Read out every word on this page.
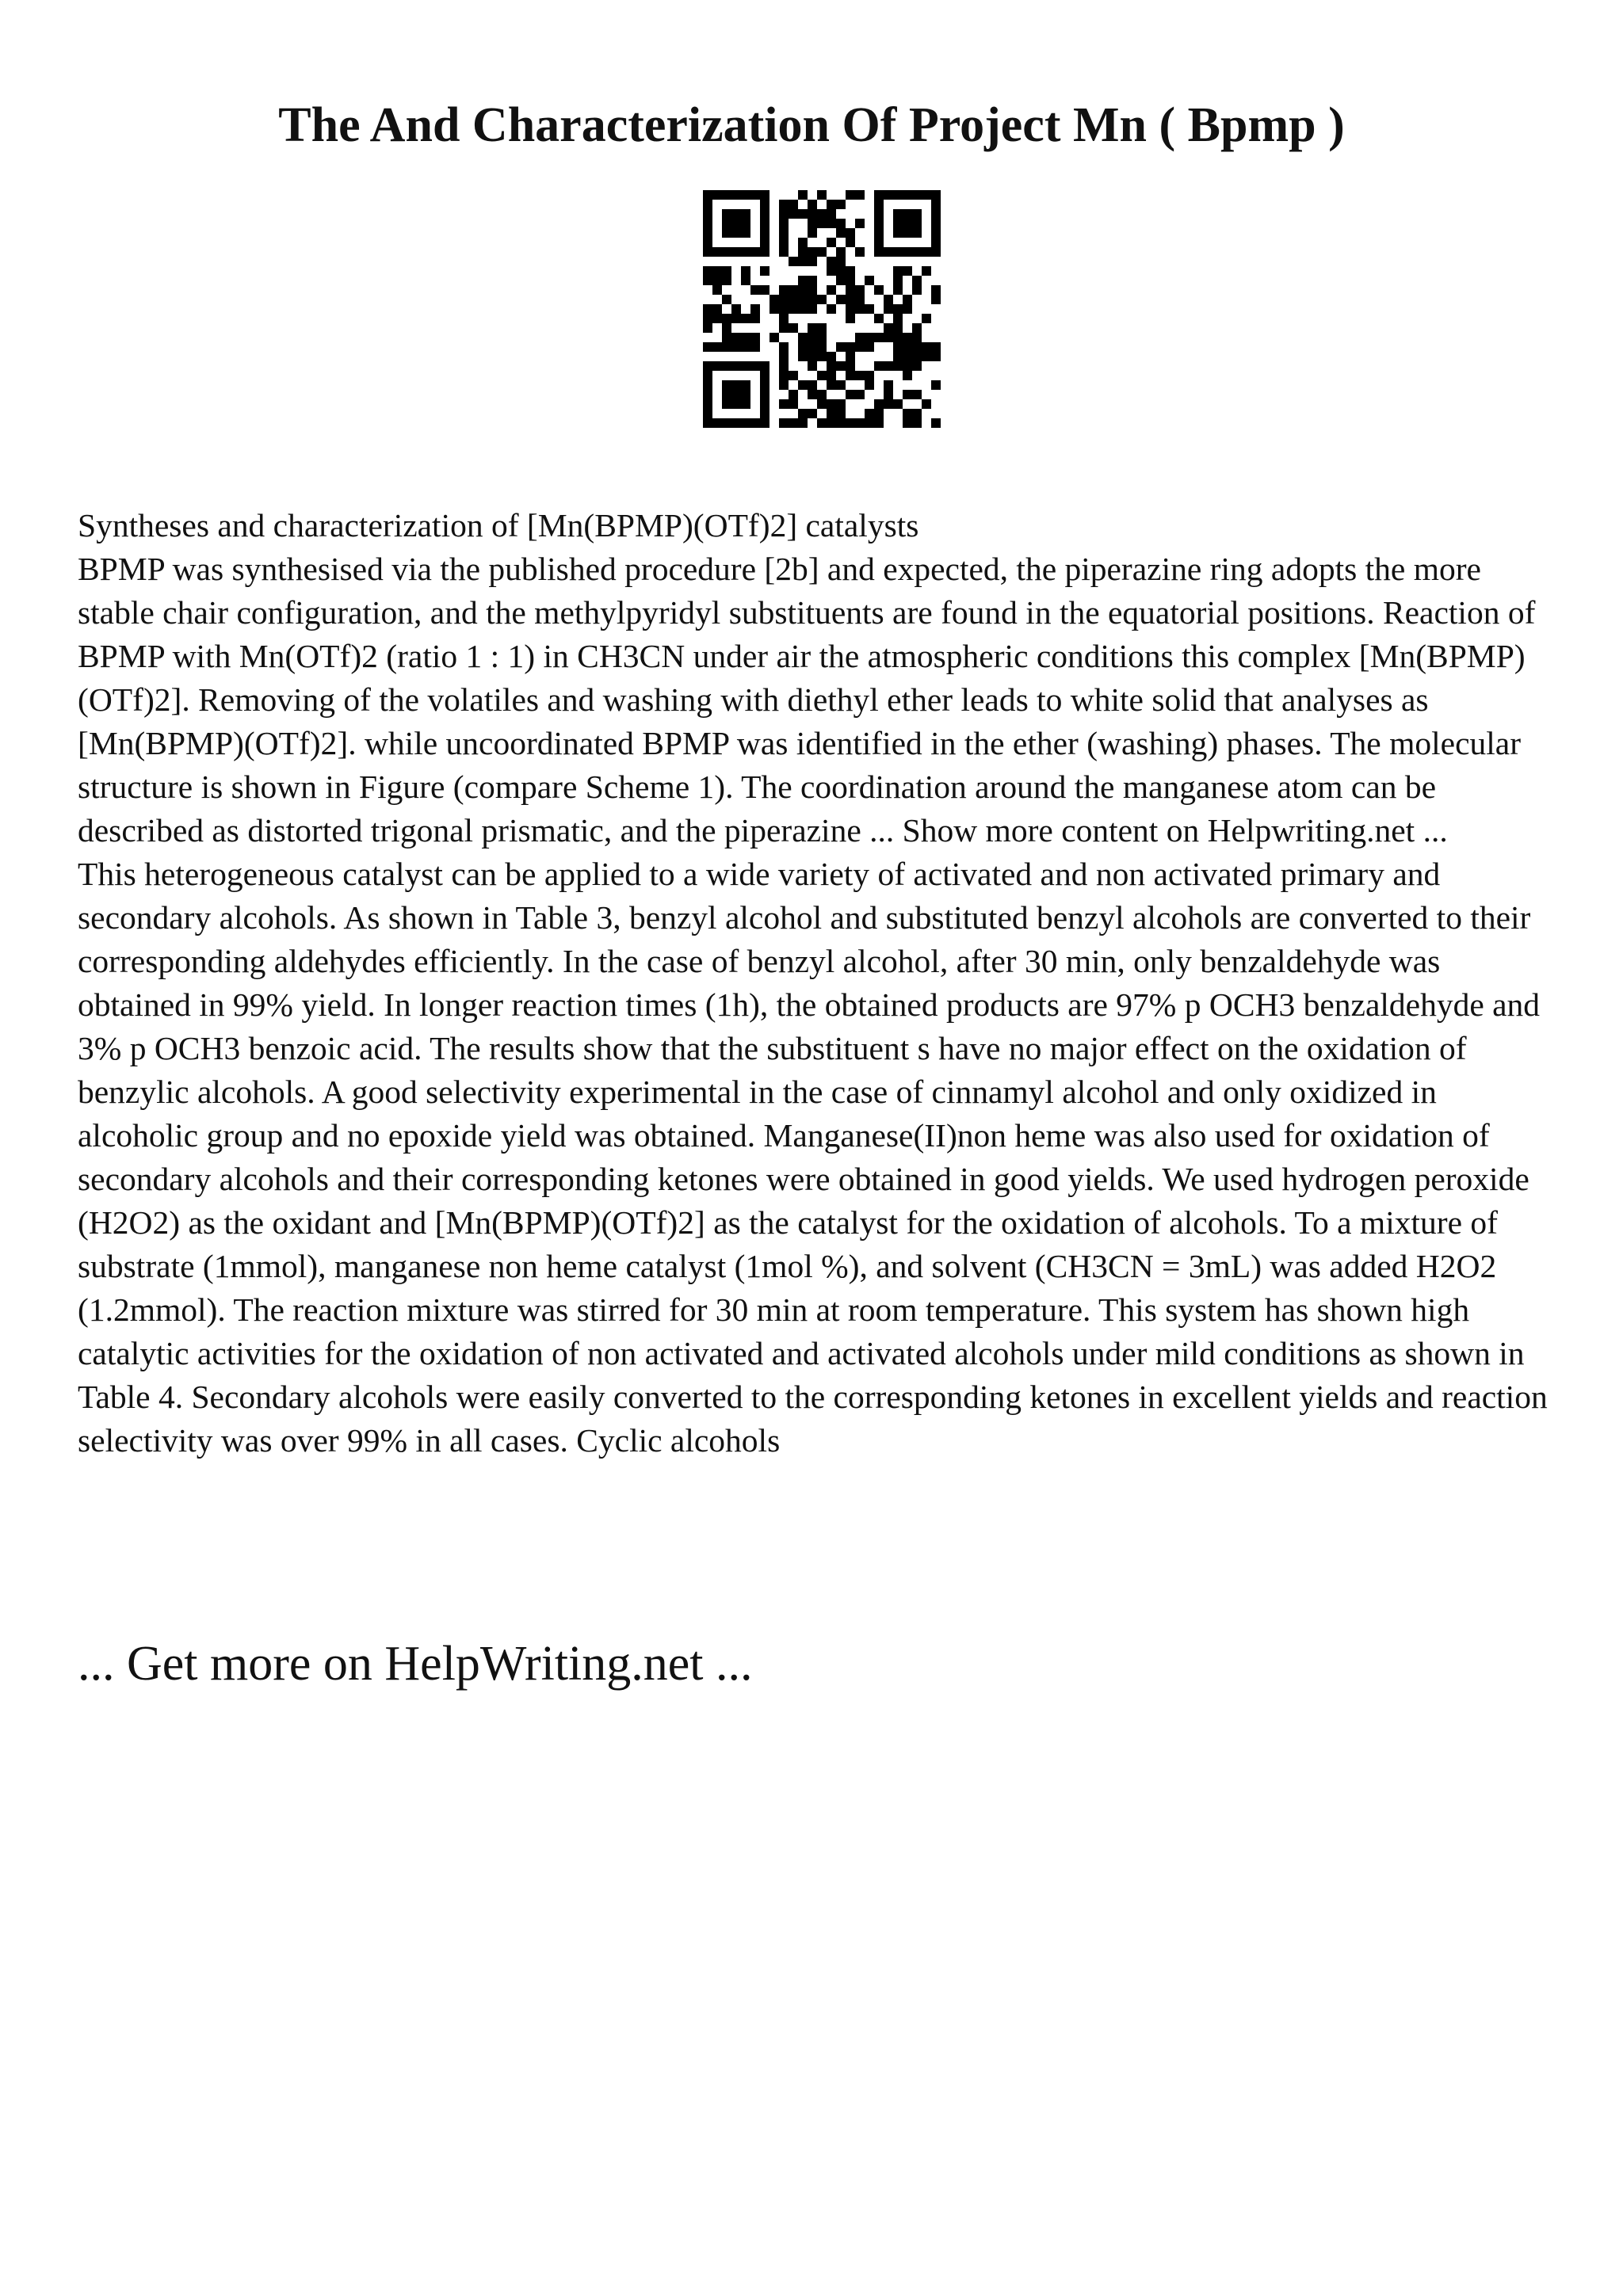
The And Characterization Of Project Mn ( Bpmp )

Syntheses and characterization of [Mn(BPMP)(OTf)2] catalysts

BPMP was synthesised via the published procedure [2b] and expected, the piperazine ring adopts the more stable chair configuration, and the methylpyridyl substituents are found in the equatorial positions. Reaction of BPMP with Mn(OTf)2 (ratio 1 : 1) in CH3CN under air the atmospheric conditions this complex [Mn(BPMP)(OTf)2]. Removing of the volatiles and washing with diethyl ether leads to white solid that analyses as [Mn(BPMP)(OTf)2]. while uncoordinated BPMP was identified in the ether (washing) phases. The molecular structure is shown in Figure (compare Scheme 1). The coordination around the manganese atom can be described as distorted trigonal prismatic, and the piperazine ... Show more content on Helpwriting.net ...

This heterogeneous catalyst can be applied to a wide variety of activated and non activated primary and secondary alcohols. As shown in Table 3, benzyl alcohol and substituted benzyl alcohols are converted to their corresponding aldehydes efficiently. In the case of benzyl alcohol, after 30 min, only benzaldehyde was obtained in 99% yield. In longer reaction times (1h), the obtained products are 97% p OCH3 benzaldehyde and 3% p OCH3 benzoic acid. The results show that the substituent s have no major effect on the oxidation of benzylic alcohols. A good selectivity experimental in the case of cinnamyl alcohol and only oxidized in alcoholic group and no epoxide yield was obtained. Manganese(II)non heme was also used for oxidation of secondary alcohols and their corresponding ketones were obtained in good yields. We used hydrogen peroxide (H2O2) as the oxidant and [Mn(BPMP)(OTf)2] as the catalyst for the oxidation of alcohols. To a mixture of substrate (1mmol), manganese non heme catalyst (1mol %), and solvent (CH3CN = 3mL) was added H2O2 (1.2mmol). The reaction mixture was stirred for 30 min at room temperature. This system has shown high catalytic activities for the oxidation of non activated and activated alcohols under mild conditions as shown in Table 4. Secondary alcohols were easily converted to the corresponding ketones in excellent yields and reaction selectivity was over 99% in all cases. Cyclic alcohols

... Get more on HelpWriting.net ...
